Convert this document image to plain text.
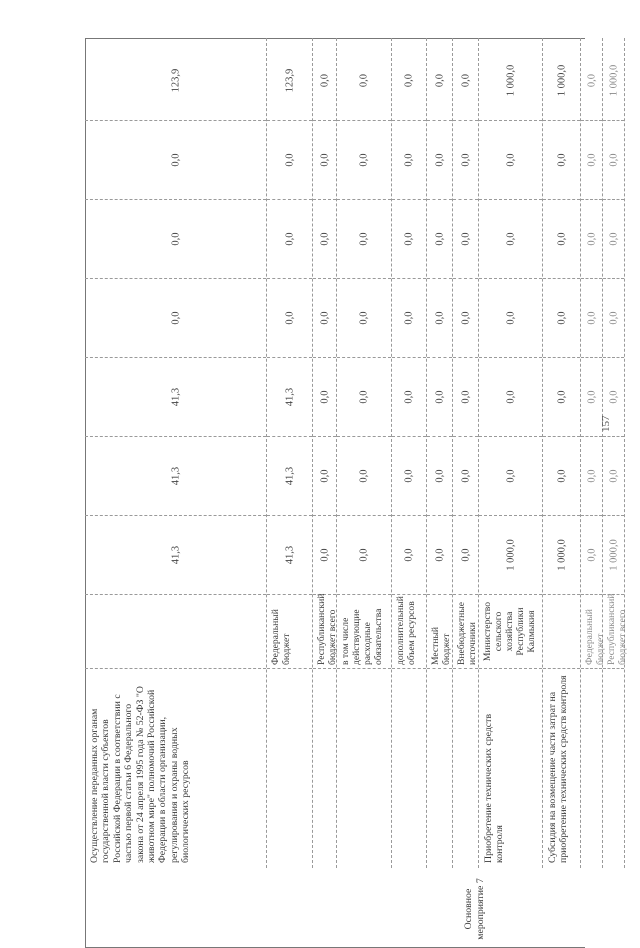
Осуществление переданных органам государственной власти субъектов Российской Федерации в соответствии с частью первой статьи 6 Федерального закона от 24 апреля 1995 года № 52-ФЗ "О животном мире" полномочий Российской Федерации в области организации, регулирования и охраны водных биологических ресурсов
41,3
41,3
41,3
0,0
0,0
0,0
123,9
Федеральный бюджет
41,3
41,3
41,3
0,0
0,0
0,0
123,9
Республиканский бюджет всего
0,0
0,0
0,0
0,0
0,0
0,0
0,0
в том числе действующие расходные обязательства
0,0
0,0
0,0
0,0
0,0
0,0
0,0
дополнительный объем ресурсов
0,0
0,0
0,0
0,0
0,0
0,0
0,0
Местный бюджет
0,0
0,0
0,0
0,0
0,0
0,0
0,0
Внебюджетные источники
0,0
0,0
0,0
0,0
0,0
0,0
0,0
Приобретение технических средств контроля
Министерство сельского хозяйства Республики Калмыкия
1 000,0
0,0
0,0
0,0
0,0
0,0
1 000,0
Субсидия на возмещение части затрат на приобретение технических средств контроля
1 000,0
0,0
0,0
0,0
0,0
0,0
1 000,0
Федеральный бюджет
0,0
0,0
0,0
0,0
0,0
0,0
0,0
Республиканский бюджет всего
1 000,0
0,0
0,0
0,0
0,0
0,0
1 000,0
Основное мероприятие 7
157
